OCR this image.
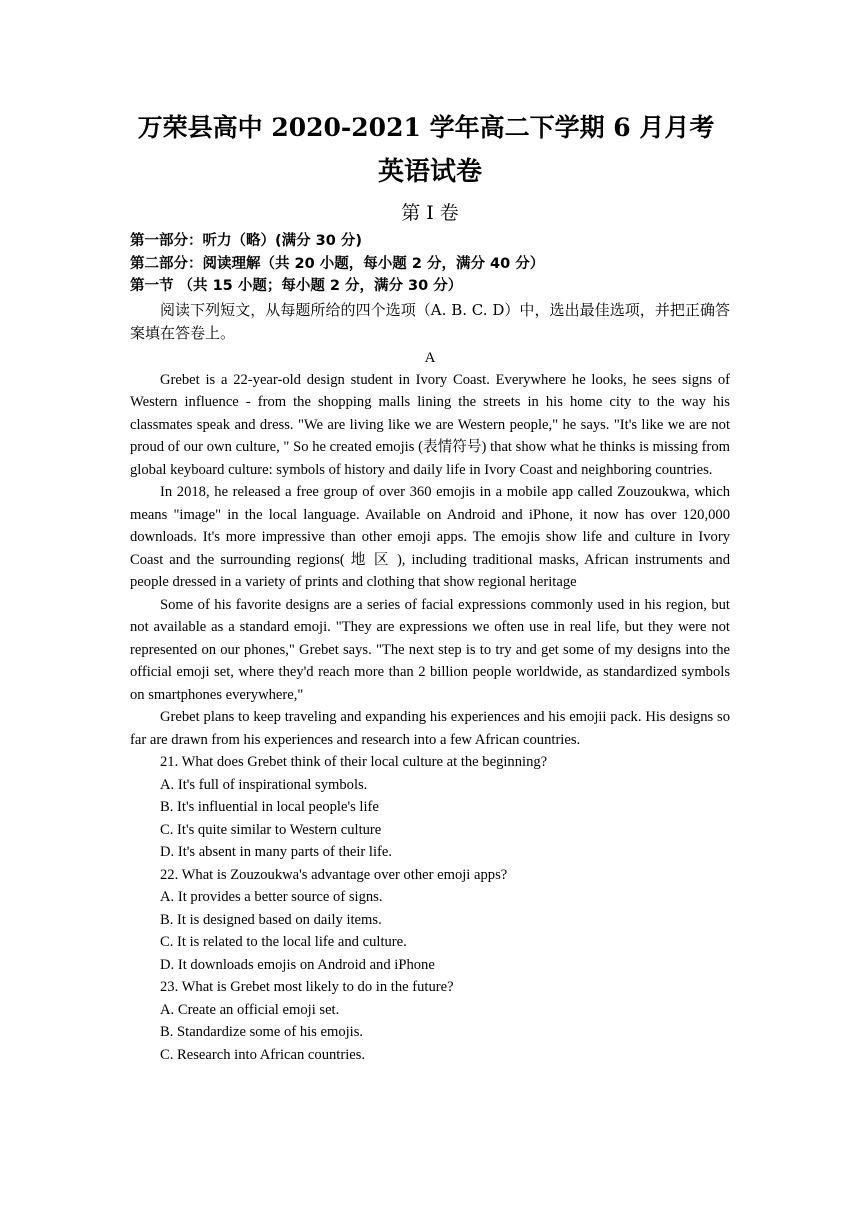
万荣县高中 2020-2021 学年高二下学期 6 月月考
英语试卷
第 I 卷
第一部分：听力（略）(满分 30 分)
第二部分：阅读理解（共 20 小题，每小题 2 分，满分 40 分）
第一节 （共 15 小题；每小题 2 分，满分 30 分）
阅读下列短文，从每题所给的四个选项（A. B. C. D）中，选出最佳选项，并把正确答案填在答卷上。
A

Grebet is a 22-year-old design student in Ivory Coast. Everywhere he looks, he sees signs of Western influence - from the shopping malls lining the streets in his home city to the way his classmates speak and dress. "We are living like we are Western people," he says. "It's like we are not proud of our own culture, " So he created emojis (表情符号) that show what he thinks is missing from global keyboard culture: symbols of history and daily life in Ivory Coast and neighboring countries.

In 2018, he released a free group of over 360 emojis in a mobile app called Zouzoukwa, which means "image" in the local language. Available on Android and iPhone, it now has over 120,000 downloads. It's more impressive than other emoji apps. The emojis show life and culture in Ivory Coast and the surrounding regions( 地 区 ), including traditional masks, African instruments and people dressed in a variety of prints and clothing that show regional heritage

Some of his favorite designs are a series of facial expressions commonly used in his region, but not available as a standard emoji. "They are expressions we often use in real life, but they were not represented on our phones," Grebet says. "The next step is to try and get some of my designs into the official emoji set, where they'd reach more than 2 billion people worldwide, as standardized symbols on smartphones everywhere,"

Grebet plans to keep traveling and expanding his experiences and his emojii pack. His designs so far are drawn from his experiences and research into a few African countries.

21. What does Grebet think of their local culture at the beginning?

A. It's full of inspirational symbols.

B. It's influential in local people's life

C. It's quite similar to Western culture

D. It's absent in many parts of their life.

22. What is Zouzoukwa's advantage over other emoji apps?

A. It provides a better source of signs.

B. It is designed based on daily items.

C. It is related to the local life and culture.

D. It downloads emojis on Android and iPhone

23. What is Grebet most likely to do in the future?

A. Create an official emoji set.

B. Standardize some of his emojis.

C. Research into African countries.
